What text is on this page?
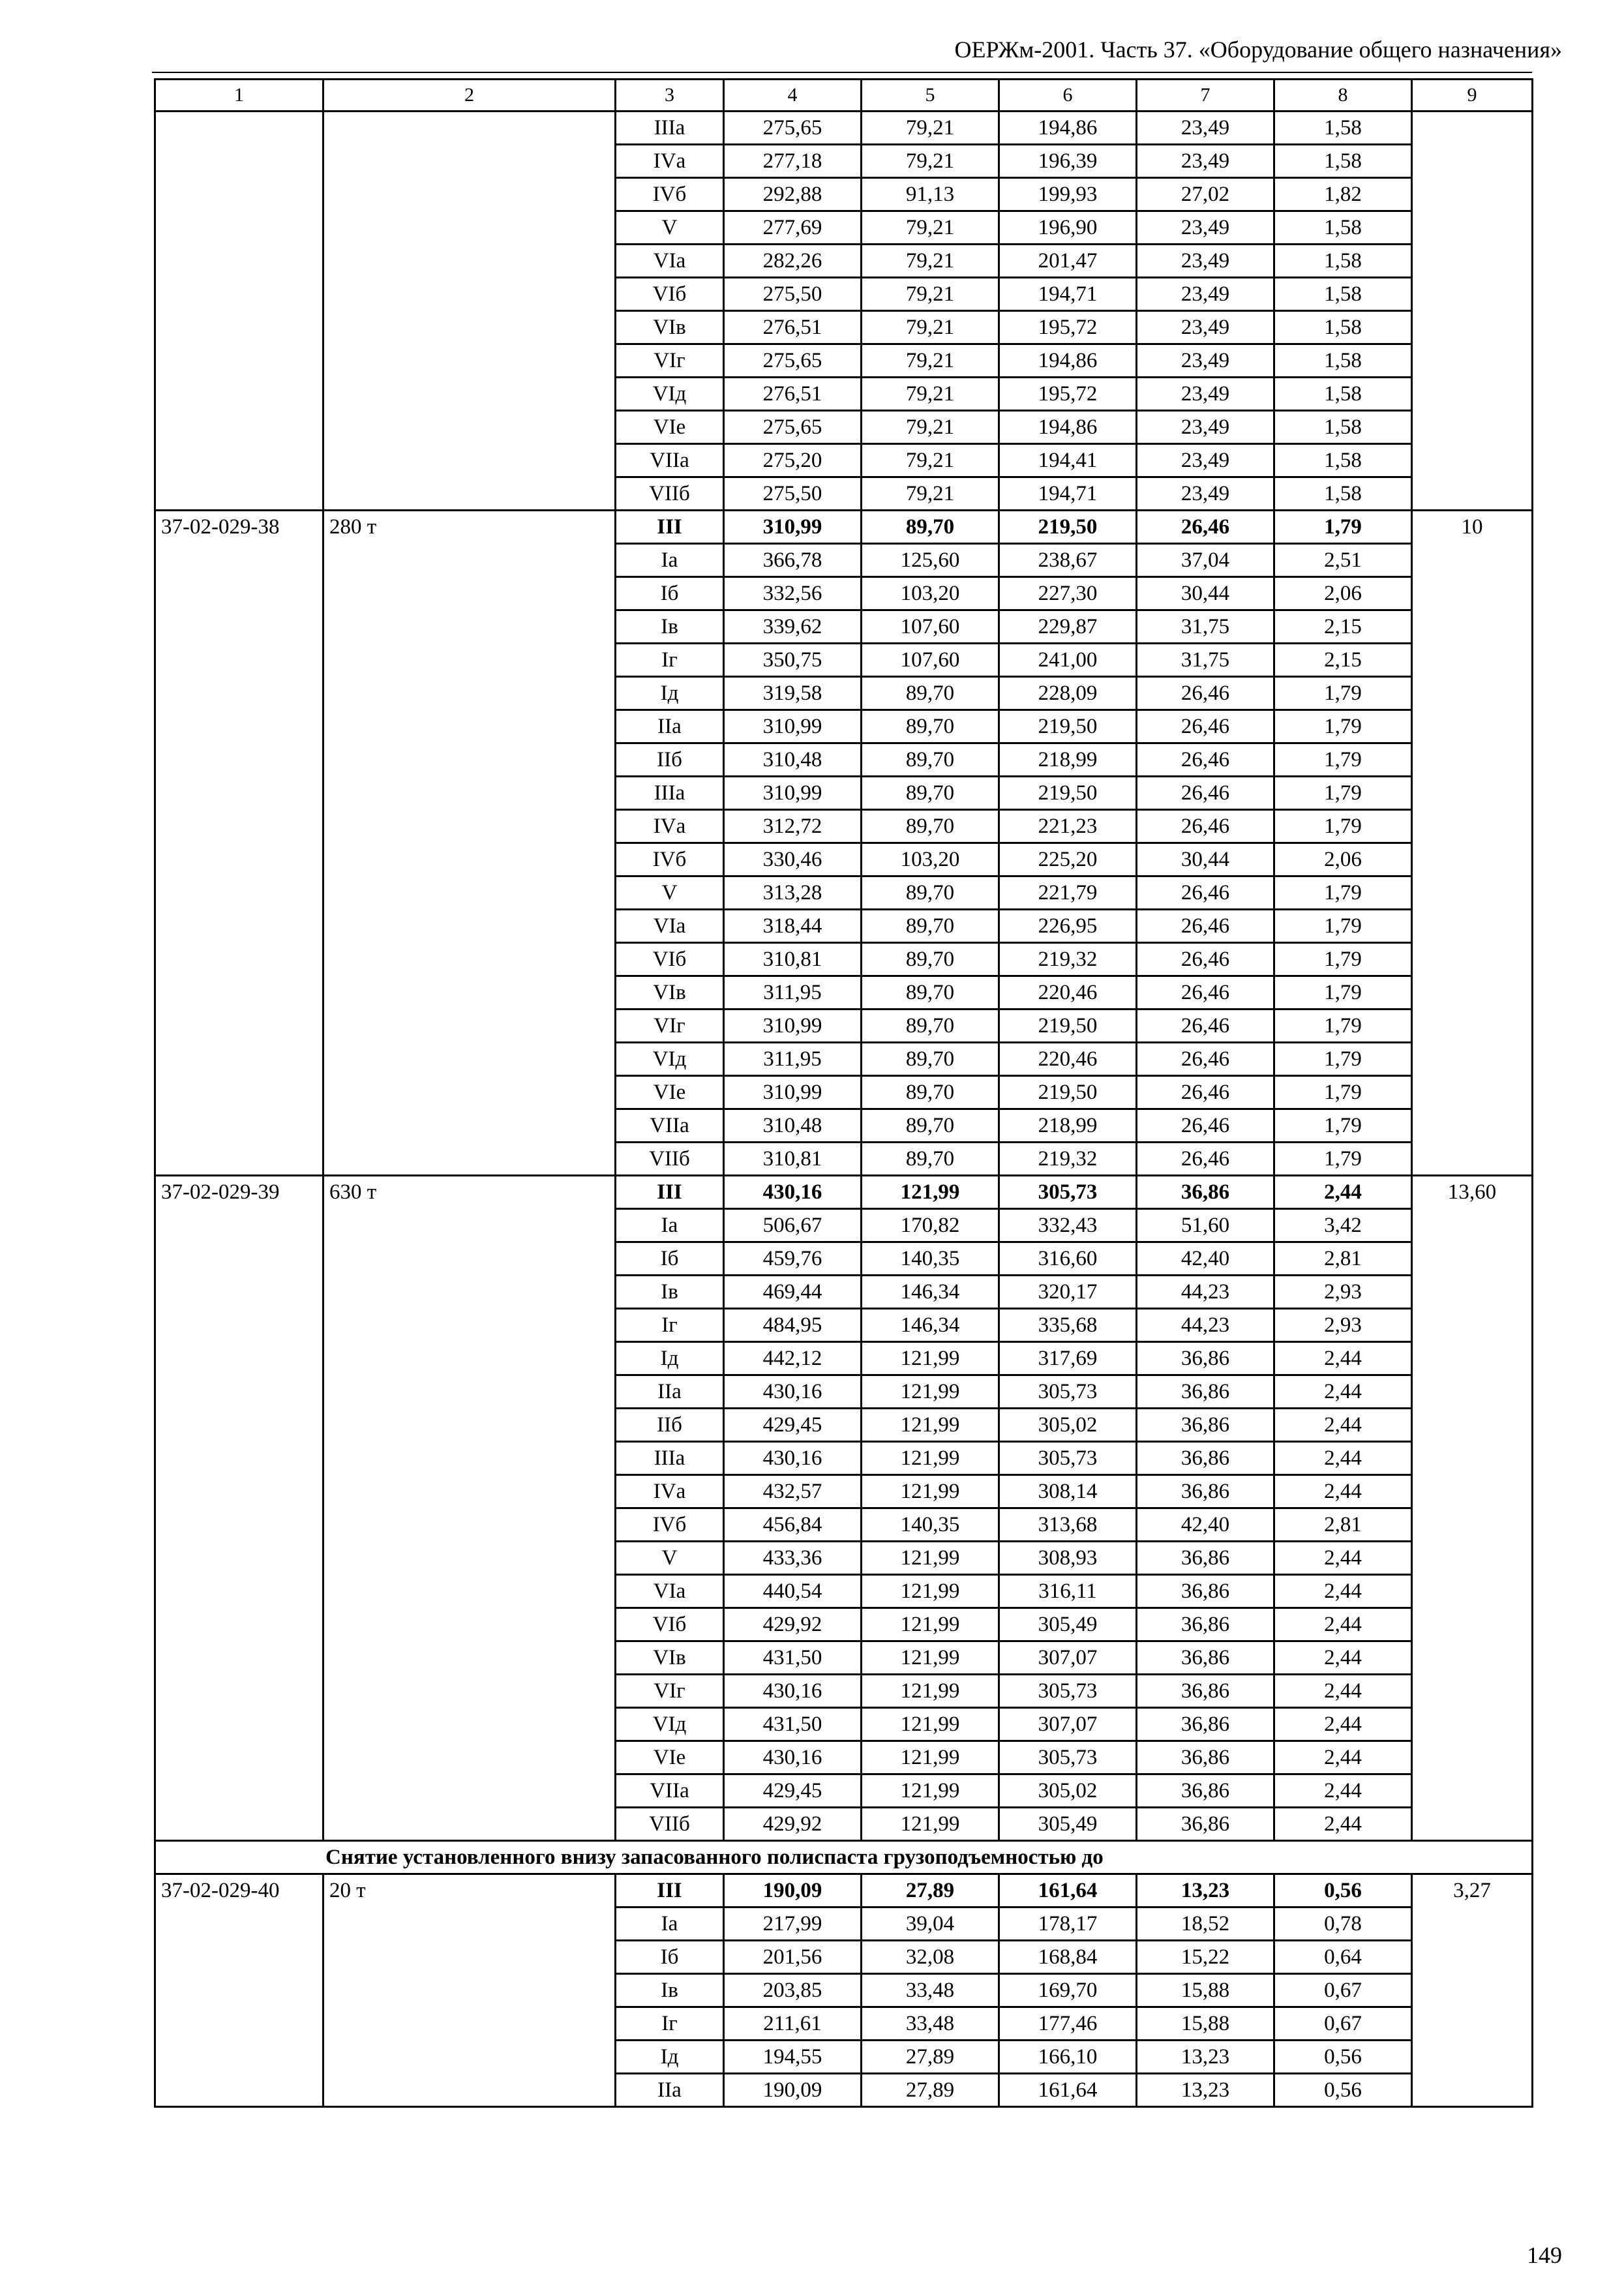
ОЕРЖм-2001. Часть 37. «Оборудование общего назначения»
1	2	3	4	5	6	7	8	9
		IIIа	275,65	79,21	194,86	23,49	1,58	
		IVа	277,18	79,21	196,39	23,49	1,58	
		IVб	292,88	91,13	199,93	27,02	1,82	
		V	277,69	79,21	196,90	23,49	1,58	
		VIа	282,26	79,21	201,47	23,49	1,58	
		VIб	275,50	79,21	194,71	23,49	1,58	
		VIв	276,51	79,21	195,72	23,49	1,58	
		VIг	275,65	79,21	194,86	23,49	1,58	
		VIд	276,51	79,21	195,72	23,49	1,58	
		VIе	275,65	79,21	194,86	23,49	1,58	
		VIIа	275,20	79,21	194,41	23,49	1,58	
		VIIб	275,50	79,21	194,71	23,49	1,58	
37-02-029-38	280 т	III	310,99	89,70	219,50	26,46	1,79	10
		Iа	366,78	125,60	238,67	37,04	2,51	
		Iб	332,56	103,20	227,30	30,44	2,06	
		Iв	339,62	107,60	229,87	31,75	2,15	
		Iг	350,75	107,60	241,00	31,75	2,15	
		Iд	319,58	89,70	228,09	26,46	1,79	
		IIа	310,99	89,70	219,50	26,46	1,79	
		IIб	310,48	89,70	218,99	26,46	1,79	
		IIIа	310,99	89,70	219,50	26,46	1,79	
		IVа	312,72	89,70	221,23	26,46	1,79	
		IVб	330,46	103,20	225,20	30,44	2,06	
		V	313,28	89,70	221,79	26,46	1,79	
		VIа	318,44	89,70	226,95	26,46	1,79	
		VIб	310,81	89,70	219,32	26,46	1,79	
		VIв	311,95	89,70	220,46	26,46	1,79	
		VIг	310,99	89,70	219,50	26,46	1,79	
		VIд	311,95	89,70	220,46	26,46	1,79	
		VIе	310,99	89,70	219,50	26,46	1,79	
		VIIа	310,48	89,70	218,99	26,46	1,79	
		VIIб	310,81	89,70	219,32	26,46	1,79	
37-02-029-39	630 т	III	430,16	121,99	305,73	36,86	2,44	13,60
		Iа	506,67	170,82	332,43	51,60	3,42	
		Iб	459,76	140,35	316,60	42,40	2,81	
		Iв	469,44	146,34	320,17	44,23	2,93	
		Iг	484,95	146,34	335,68	44,23	2,93	
		Iд	442,12	121,99	317,69	36,86	2,44	
		IIа	430,16	121,99	305,73	36,86	2,44	
		IIб	429,45	121,99	305,02	36,86	2,44	
		IIIа	430,16	121,99	305,73	36,86	2,44	
		IVа	432,57	121,99	308,14	36,86	2,44	
		IVб	456,84	140,35	313,68	42,40	2,81	
		V	433,36	121,99	308,93	36,86	2,44	
		VIа	440,54	121,99	316,11	36,86	2,44	
		VIб	429,92	121,99	305,49	36,86	2,44	
		VIв	431,50	121,99	307,07	36,86	2,44	
		VIг	430,16	121,99	305,73	36,86	2,44	
		VIд	431,50	121,99	307,07	36,86	2,44	
		VIе	430,16	121,99	305,73	36,86	2,44	
		VIIа	429,45	121,99	305,02	36,86	2,44	
		VIIб	429,92	121,99	305,49	36,86	2,44	
Снятие установленного внизу запасованного полиспаста грузоподъемностью до								
37-02-029-40	20 т	III	190,09	27,89	161,64	13,23	0,56	3,27
		Iа	217,99	39,04	178,17	18,52	0,78	
		Iб	201,56	32,08	168,84	15,22	0,64	
		Iв	203,85	33,48	169,70	15,88	0,67	
		Iг	211,61	33,48	177,46	15,88	0,67	
		Iд	194,55	27,89	166,10	13,23	0,56	
		IIа	190,09	27,89	161,64	13,23	0,56	
149
